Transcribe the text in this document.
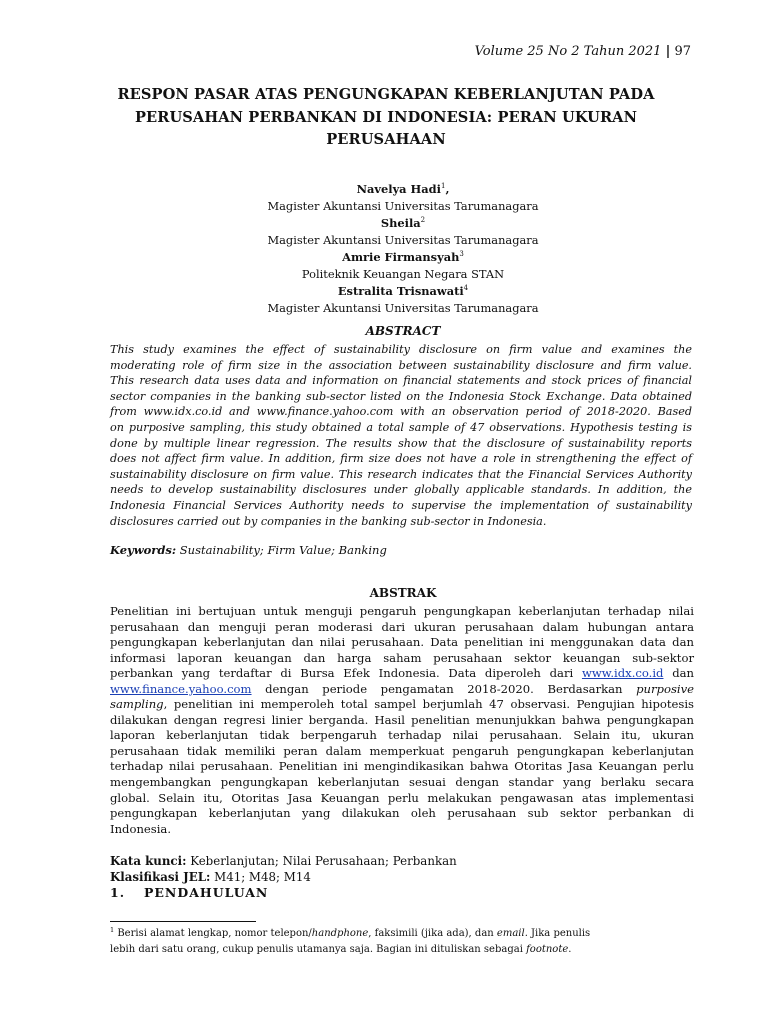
Volume 25 No 2 Tahun 2021 | 97
RESPON PASAR ATAS PENGUNGKAPAN KEBERLANJUTAN PADA
PERUSAHAN PERBANKAN DI INDONESIA: PERAN UKURAN
PERUSAHAAN
Navelya Hadi$^1$,
Magister Akuntansi Universitas Tarumanagara
Sheila$^2$
Magister Akuntansi Universitas Tarumanagara
Amrie Firmansyah$^3$
Politeknik Keuangan Negara STAN
Estralita Trisnawati$^4$
Magister Akuntansi Universitas Tarumanagara
ABSTRACT
This study examines the effect of sustainability disclosure on firm value and examines the
moderating role of firm size in the association between sustainability disclosure and firm value.
This research data uses data and information on financial statements and stock prices of financial
sector companies in the banking sub-sector listed on the Indonesia Stock Exchange. Data obtained
from www.idx.co.id and www.finance.yahoo.com with an observation period of 2018-2020. Based
on purposive sampling, this study obtained a total sample of 47 observations. Hypothesis testing is
done by multiple linear regression. The results show that the disclosure of sustainability reports
does not affect firm value. In addition, firm size does not have a role in strengthening the effect of
sustainability disclosure on firm value. This research indicates that the Financial Services Authority
needs to develop sustainability disclosures under globally applicable standards. In addition, the
Indonesia Financial Services Authority needs to supervise the implementation of sustainability
disclosures carried out by companies in the banking sub-sector in Indonesia.
Keywords: Sustainability; Firm Value; Banking
ABSTRAK
Penelitian ini bertujuan untuk menguji pengaruh pengungkapan keberlanjutan terhadap nilai
perusahaan dan menguji peran moderasi dari ukuran perusahaan dalam hubungan antara
pengungkapan keberlanjutan dan nilai perusahaan. Data penelitian ini menggunakan data dan
informasi laporan keuangan dan harga saham perusahaan sektor keuangan sub-sektor
perbankan yang terdaftar di Bursa Efek Indonesia. Data diperoleh dari www.idx.co.id dan
www.finance.yahoo.com dengan periode pengamatan 2018-2020. Berdasarkan purposive
sampling, penelitian ini memperoleh total sampel berjumlah 47 observasi. Pengujian hipotesis
dilakukan dengan regresi linier berganda. Hasil penelitian menunjukkan bahwa pengungkapan
laporan keberlanjutan tidak berpengaruh terhadap nilai perusahaan. Selain itu, ukuran
perusahaan tidak memiliki peran dalam memperkuat pengaruh pengungkapan keberlanjutan
terhadap nilai perusahaan. Penelitian ini mengindikasikan bahwa Otoritas Jasa Keuangan perlu
mengembangkan pengungkapan keberlanjutan sesuai dengan standar yang berlaku secara
global. Selain itu, Otoritas Jasa Keuangan perlu melakukan pengawasan atas implementasi
pengungkapan keberlanjutan yang dilakukan oleh perusahaan sub sektor perbankan di
Indonesia.
Kata kunci: Keberlanjutan; Nilai Perusahaan; Perbankan
Klasifikasi JEL: M41; M48; M14
1. PENDAHULUAN
$^1$ Berisi alamat lengkap, nomor telepon/handphone, faksimili (jika ada), dan email. Jika penulis
lebih dari satu orang, cukup penulis utamanya saja. Bagian ini dituliskan sebagai footnote.
